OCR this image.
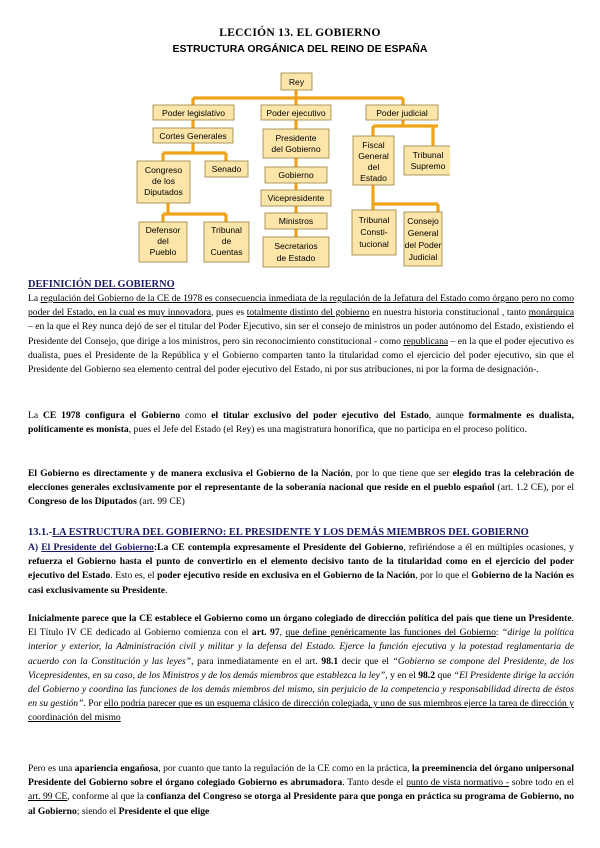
LECCIÓN 13. EL GOBIERNO
ESTRUCTURA ORGÁNICA DEL REINO DE ESPAÑA
Rey
Poder legislativo	Poder ejecutivo	Poder judicial
Cortes Generales
Congreso
de los
Diputados
Senado
Defensor
del
Pueblo
Tribunal
de
Cuentas
Presidente
del Gobierno
Gobierno
Vicepresidente
Ministros
Secretarios
de Estado
Fiscal
General
del
Estado
Tribunal
Supremo
Tribunal
Consti-
tucional
Consejo
General
del Poder
Judicial
DEFINICIÓN DEL GOBIERNO
La regulación del Gobierno de la CE de 1978 es consecuencia inmediata de la regulación de la Jefatura del Estado como órgano pero no como poder del Estado, en la cual es muy innovadora, pues es totalmente distinto del gobierno en nuestra historia constitucional , tanto monárquica – en la que el Rey nunca dejó de ser el titular del Poder Ejecutivo, sin ser el consejo de ministros un poder autónomo del Estado, existiendo el Presidente del Consejo, que dirige a los ministros, pero sin reconocimiento constitucional - como republicana – en la que el poder ejecutivo es dualista, pues el Presidente de la República y el Gobierno comparten tanto la titularidad como el ejercicio del poder ejecutivo, sin que el Presidente del Gobierno sea elemento central del poder ejecutivo del Estado, ni por sus atribuciones, ni por la forma de designación-.
La CE 1978 configura el Gobierno como el titular exclusivo del poder ejecutivo del Estado, aunque formalmente es dualista, políticamente es monista, pues el Jefe del Estado (el Rey) es una magistratura honorífica, que no participa en el proceso político.
El Gobierno es directamente y de manera exclusiva el Gobierno de la Nación, por lo que tiene que ser elegido tras la celebración de elecciones generales exclusivamente por el representante de la soberanía nacional que reside en el pueblo español (art. 1.2 CE), por el Congreso de los Diputados (art. 99 CE)
13.1.-LA ESTRUCTURA DEL GOBIERNO: EL PRESIDENTE Y LOS DEMÁS MIEMBROS DEL GOBIERNO
A) El Presidente del Gobierno:La CE contempla expresamente el Presidente del Gobierno, refiriéndose a él en múltiples ocasiones, y refuerza el Gobierno hasta el punto de convertirlo en el elemento decisivo tanto de la titularidad como en el ejercicio del poder ejecutivo del Estado. Esto es, el poder ejecutivo reside en exclusiva en el Gobierno de la Nación, por lo que el Gobierno de la Nación es casi exclusivamente su Presidente.
Inicialmente parece que la CE establece el Gobierno como un órgano colegiado de dirección política del país que tiene un Presidente. El Título IV CE dedicado al Gobierno comienza con el art. 97, que define genéricamente las funciones del Gobierno: “dirige la política interior y exterior, la Administración civil y militar y la defensa del Estado. Ejerce la función ejecutiva y la potestad reglamentaria de acuerdo con la Constitución y las leyes”, para inmediatamente en el art. 98.1 decir que el “Gobierno se compone del Presidente, de los Vicepresidentes, en su caso, de los Ministros y de los demás miembros que establezca la ley”, y en el 98.2 que “El Presidente dirige la acción del Gobierno y coordina las funciones de los demás miembros del mismo, sin perjuicio de la competencia y responsabilidad directa de éstos en su gestión”. Por ello podría parecer que es un esquema clásico de dirección colegiada, y uno de sus miembros ejerce la tarea de dirección y coordinación del mismo
Pero es una apariencia engañosa, por cuanto que tanto la regulación de la CE como en la práctica, la preeminencia del órgano unipersonal Presidente del Gobierno sobre el órgano colegiado Gobierno es abrumadora. Tanto desde el punto de vista normativo - sobre todo en el art. 99 CE, conforme al que la confianza del Congreso se otorga al Presidente para que ponga en práctica su programa de Gobierno, no al Gobierno; siendo el Presidente el que elige
